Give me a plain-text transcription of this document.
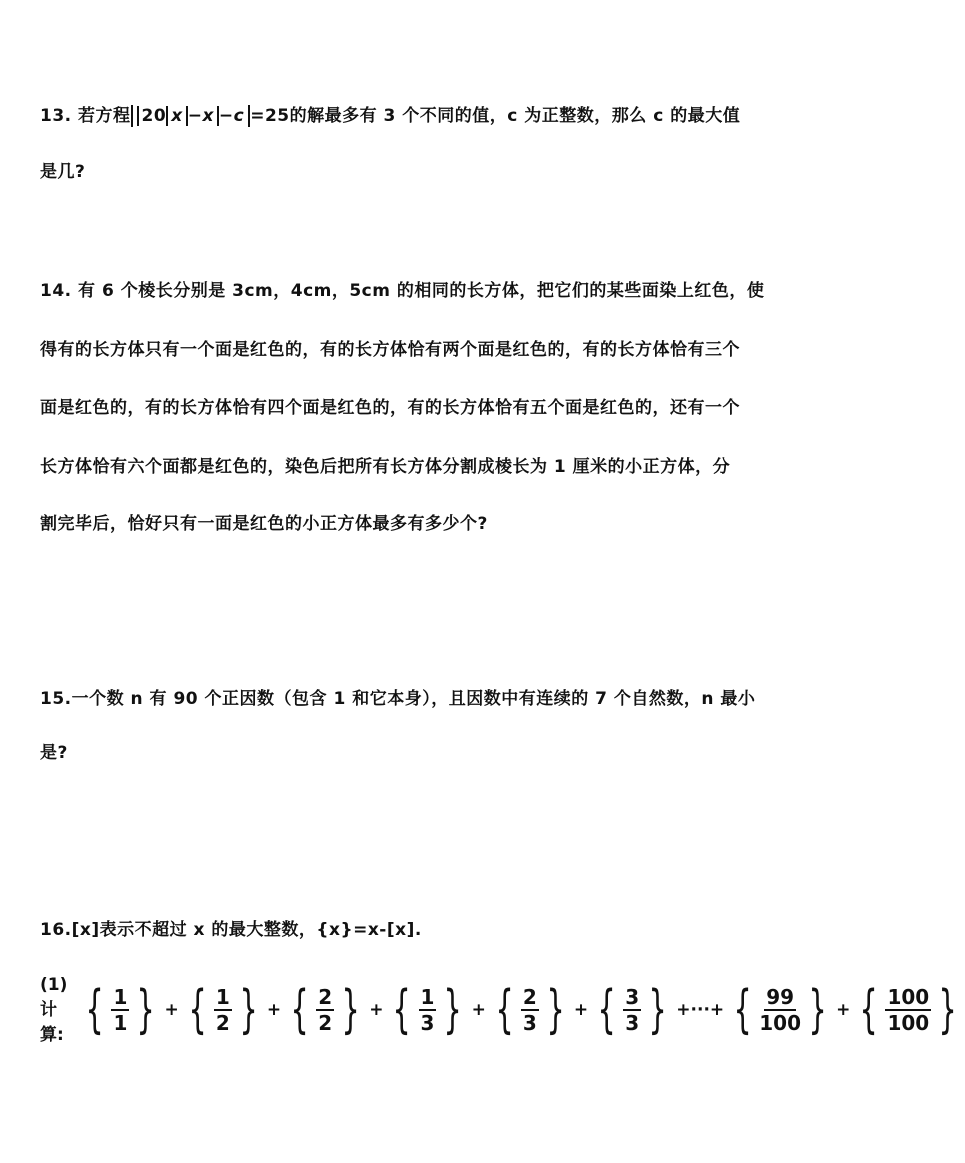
13. 若方程 20 x −x −c =25的解最多有 3 个不同的值，c 为正整数，那么 c 的最大值
是几?
14. 有 6 个棱长分别是 3cm，4cm，5cm 的相同的长方体，把它们的某些面染上红色，使
得有的长方体只有一个面是红色的，有的长方体恰有两个面是红色的，有的长方体恰有三个
面是红色的，有的长方体恰有四个面是红色的，有的长方体恰有五个面是红色的，还有一个
长方体恰有六个面都是红色的，染色后把所有长方体分割成棱长为 1 厘米的小正方体，分
割完毕后，恰好只有一面是红色的小正方体最多有多少个?
15.一个数 n 有 90 个正因数（包含 1 和它本身），且因数中有连续的 7 个自然数，n 最小
是?
16.[x]表示不超过 x 的最大整数，{x}=x-[x].
(1) 计算: { $\frac{1}{1}$ } + { $\frac{1}{2}$ } + { $\frac{2}{2}$ } + { $\frac{1}{3}$ } + { $\frac{2}{3}$ } + { $\frac{3}{3}$ } +···+ { $\frac{99}{100}$ } + { $\frac{100}{100}$ }
